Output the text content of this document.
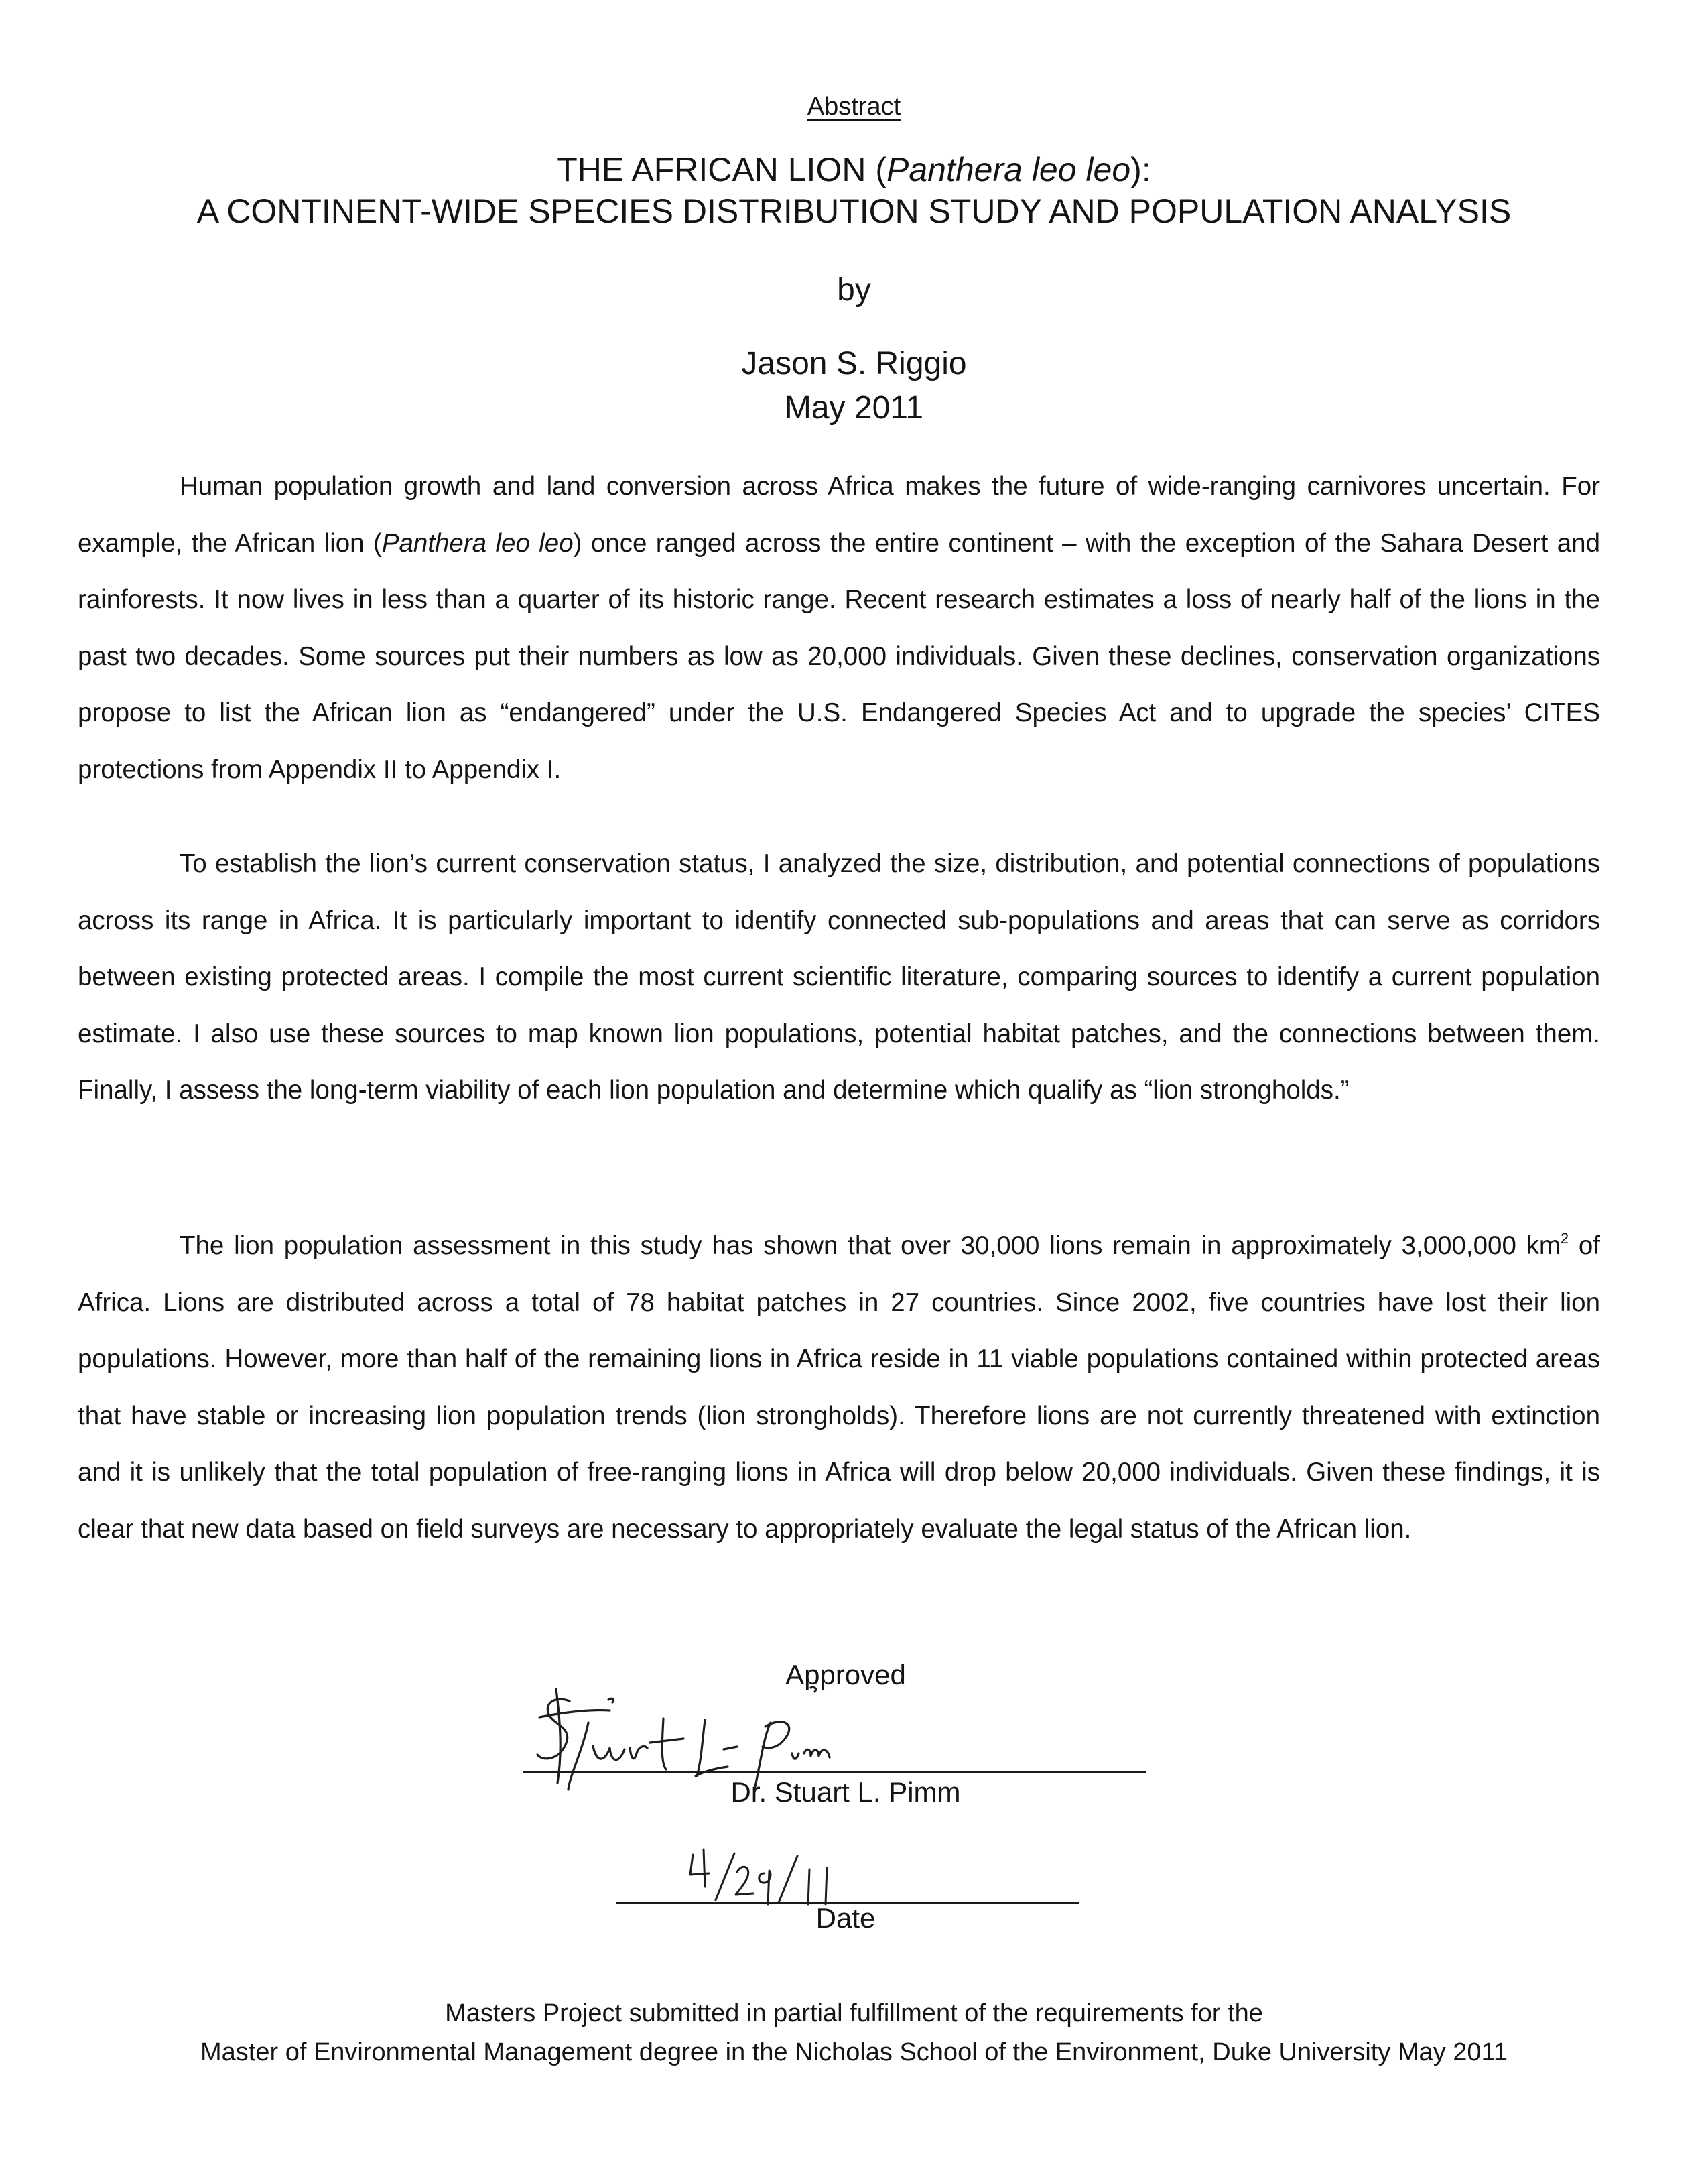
Abstract
THE AFRICAN LION (Panthera leo leo):
A CONTINENT-WIDE SPECIES DISTRIBUTION STUDY AND POPULATION ANALYSIS
by
Jason S. Riggio
May 2011

Human population growth and land conversion across Africa makes the future of wide-ranging carnivores uncertain. For example, the African lion (Panthera leo leo) once ranged across the entire continent – with the exception of the Sahara Desert and rainforests. It now lives in less than a quarter of its historic range. Recent research estimates a loss of nearly half of the lions in the past two decades. Some sources put their numbers as low as 20,000 individuals. Given these declines, conservation organizations propose to list the African lion as “endangered” under the U.S. Endangered Species Act and to upgrade the species’ CITES protections from Appendix II to Appendix I.

To establish the lion’s current conservation status, I analyzed the size, distribution, and potential connections of populations across its range in Africa. It is particularly important to identify connected sub-populations and areas that can serve as corridors between existing protected areas. I compile the most current scientific literature, comparing sources to identify a current population estimate. I also use these sources to map known lion populations, potential habitat patches, and the connections between them. Finally, I assess the long-term viability of each lion population and determine which qualify as “lion strongholds.”

The lion population assessment in this study has shown that over 30,000 lions remain in approximately 3,000,000 $km^2$ of Africa. Lions are distributed across a total of 78 habitat patches in 27 countries. Since 2002, five countries have lost their lion populations. However, more than half of the remaining lions in Africa reside in 11 viable populations contained within protected areas that have stable or increasing lion population trends (lion strongholds). Therefore lions are not currently threatened with extinction and it is unlikely that the total population of free-ranging lions in Africa will drop below 20,000 individuals. Given these findings, it is clear that new data based on field surveys are necessary to appropriately evaluate the legal status of the African lion.

Approved
Dr. Stuart L. Pimm
Date
Masters Project submitted in partial fulfillment of the requirements for the
Master of Environmental Management degree in the Nicholas School of the Environment, Duke University May 2011
